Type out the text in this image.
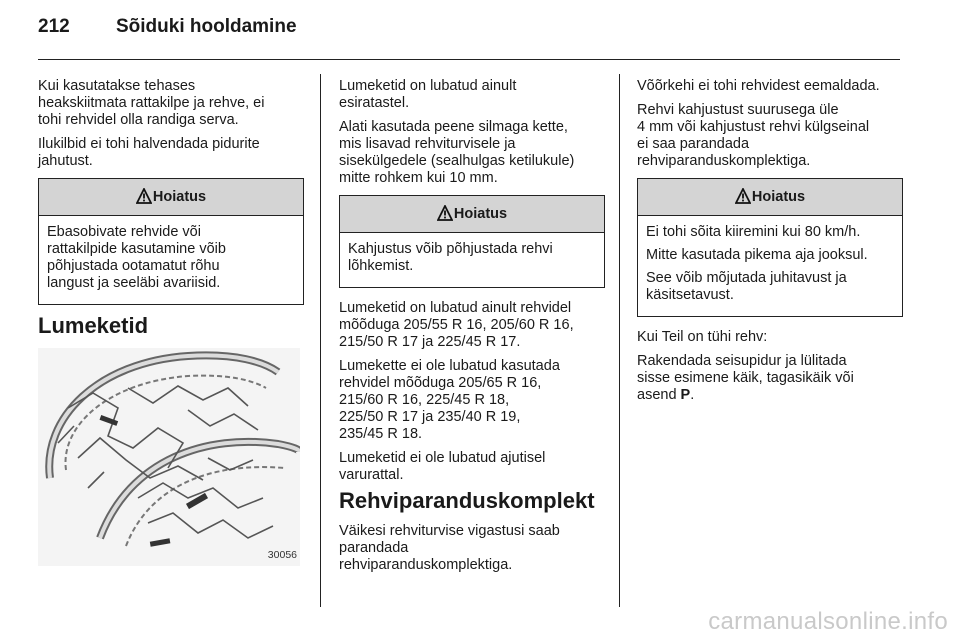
212 Sõiduki hooldamine

Kui kasutatakse tehases
heakskiitmata rattakilpe ja rehve, ei
tohi rehvidel olla randiga serva.

Ilukilbid ei tohi halvendada pidurite
jahutust.

Hoiatus

Ebasobivate rehvide või
rattakilpide kasutamine võib
põhjustada ootamatut rõhu
langust ja seeläbi avariisid.

Lumeketid
30056

Lumeketid on lubatud ainult
esiratastel.

Alati kasutada peene silmaga kette,
mis lisavad rehviturvisele ja
sisekülgedele (sealhulgas ketilukule)
mitte rohkem kui 10 mm.

Hoiatus

Kahjustus võib põhjustada rehvi
lõhkemist.

Lumeketid on lubatud ainult rehvidel
mõõduga 205/55 R 16, 205/60 R 16,
215/50 R 17 ja 225/45 R 17.

Lumekette ei ole lubatud kasutada
rehvidel mõõduga 205/65 R 16,
215/60 R 16, 225/45 R 18,
225/50 R 17 ja 235/40 R 19,
235/45 R 18.

Lumeketid ei ole lubatud ajutisel
varurattal.

Rehviparanduskomplekt

Väikesi rehviturvise vigastusi saab
parandada
rehviparanduskomplektiga.

Võõrkehi ei tohi rehvidest eemaldada.

Rehvi kahjustust suurusega üle
4 mm või kahjustust rehvi külgseinal
ei saa parandada
rehviparanduskomplektiga.

Hoiatus

Ei tohi sõita kiiremini kui 80 km/h.

Mitte kasutada pikema aja jooksul.

See võib mõjutada juhitavust ja
käsitsetavust.

Kui Teil on tühi rehv:

Rakendada seisupidur ja lülitada
sisse esimene käik, tagasikäik või
asend P.

carmanualsonline.info
